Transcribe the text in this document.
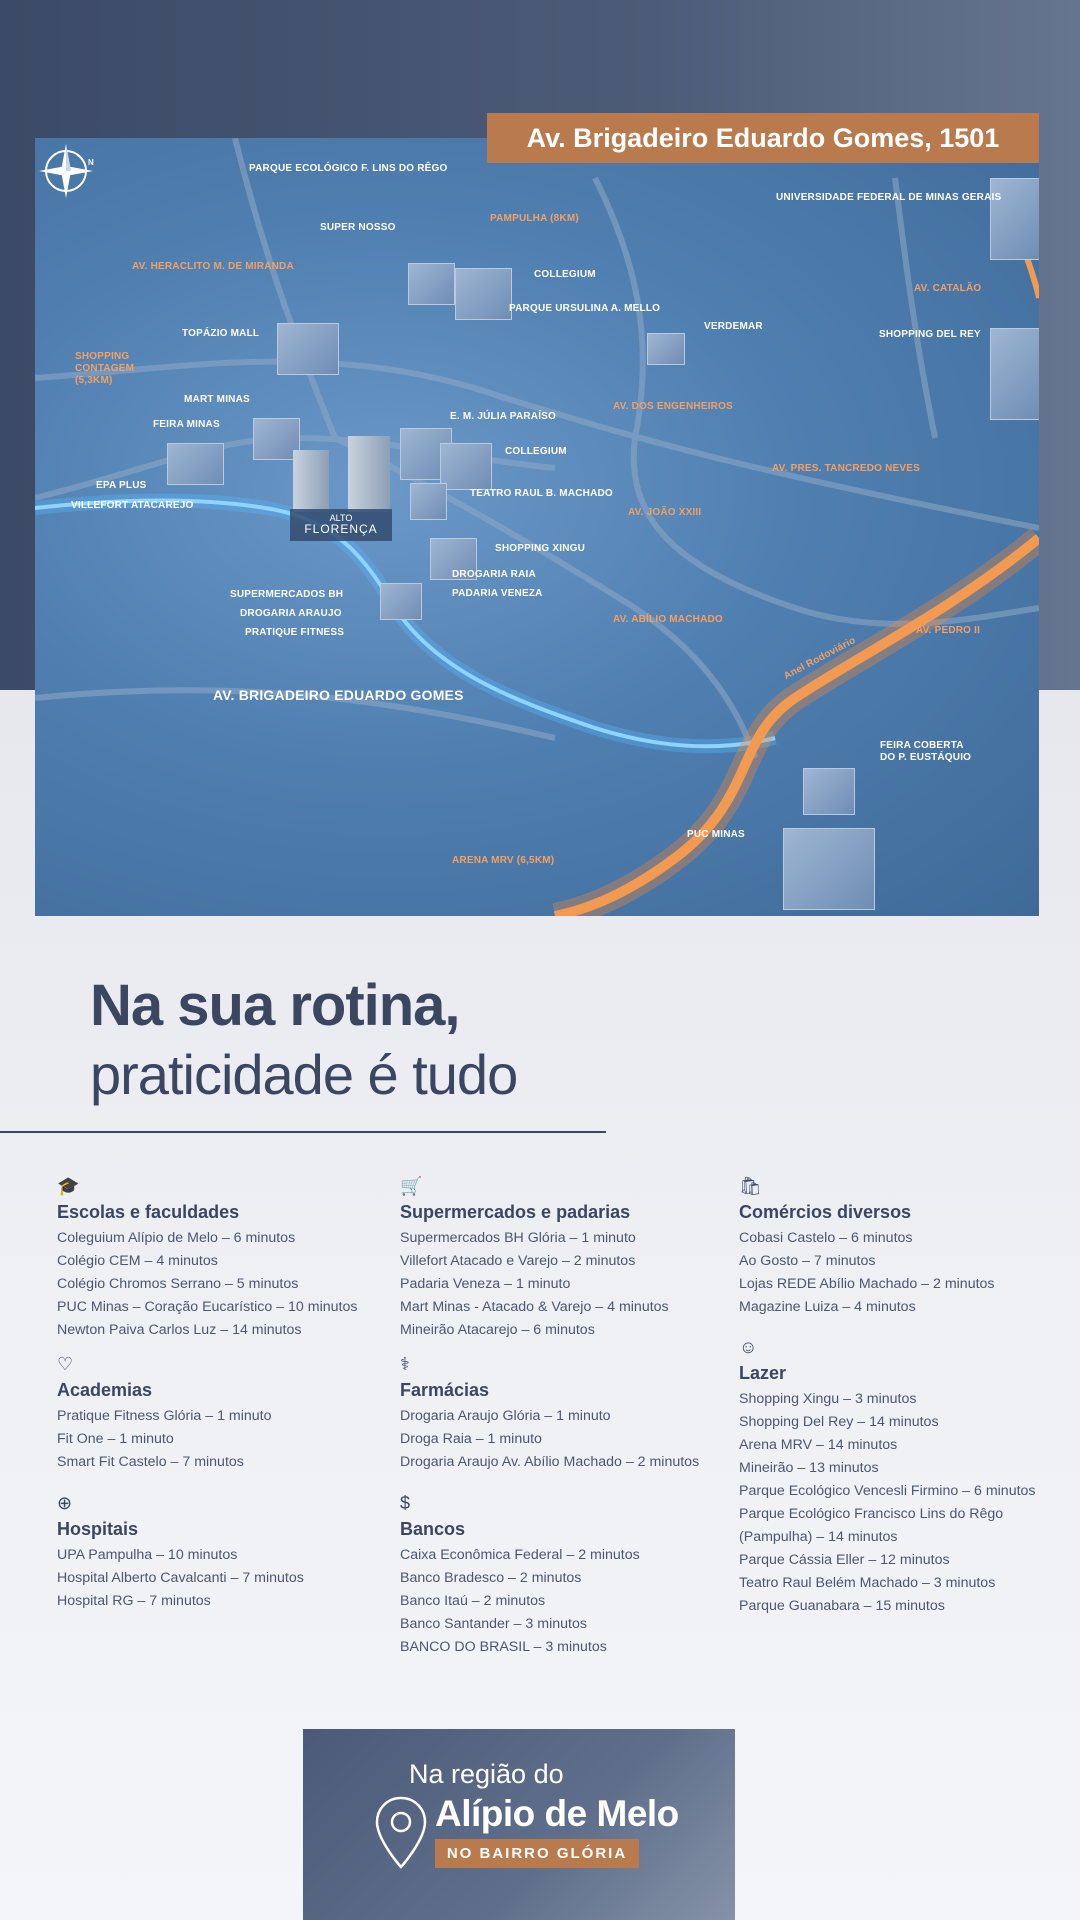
N
ALTO
FLORENÇA
PARQUE ECOLÓGICO F. LINS DO RÊGO
SUPER NOSSO
UNIVERSIDADE FEDERAL DE MINAS GERAIS
COLLEGIUM
PARQUE URSULINA A. MELLO
VERDEMAR
TOPÁZIO MALL	SHOPPING DEL REY
MART MINAS
FEIRA MINAS
E. M. JÚLIA PARAÍSO
COLLEGIUM
EPA PLUS
VILLEFORT ATACAREJO
TEATRO RAUL B. MACHADO
SHOPPING XINGU
DROGARIA RAIA
SUPERMERCADOS BH	PADARIA VENEZA
DROGARIA ARAUJO
PRATIQUE FITNESS
AV. BRIGADEIRO EDUARDO GOMES
FEIRA COBERTA
DO P. EUSTÁQUIO
PUC MINAS
PAMPULHA (8KM)
AV. HERACLITO M. DE MIRANDA
AV. CATALÃO
SHOPPING
CONTAGEM
(5,3KM)
AV. DOS ENGENHEIROS
AV. PRES. TANCREDO NEVES
AV. JOÃO XXIII
AV. ABÍLIO MACHADO
AV. PEDRO II
Anel Rodoviário
ARENA MRV (6,5KM)
Av. Brigadeiro Eduardo Gomes, 1501
Na sua rotina,
praticidade é tudo
🎓
Escolas e faculdades
Coleguium Alípio de Melo – 6 minutos
Colégio CEM – 4 minutos
Colégio Chromos Serrano – 5 minutos
PUC Minas – Coração Eucarístico – 10 minutos
Newton Paiva Carlos Luz – 14 minutos
🛒
Supermercados e padarias
Supermercados BH Glória – 1 minuto
Villefort Atacado e Varejo – 2 minutos
Padaria Veneza – 1 minuto
Mart Minas - Atacado & Varejo – 4 minutos
Mineirão Atacarejo – 6 minutos
🛍
Comércios diversos
Cobasi Castelo – 6 minutos
Ao Gosto – 7 minutos
Lojas REDE Abílio Machado – 2 minutos
Magazine Luiza – 4 minutos
♡
Academias
Pratique Fitness Glória – 1 minuto
Fit One – 1 minuto
Smart Fit Castelo – 7 minutos
⚕
Farmácias
Drogaria Araujo Glória – 1 minuto
Droga Raia – 1 minuto
Drogaria Araujo Av. Abílio Machado – 2 minutos
☺
Lazer
Shopping Xingu – 3 minutos
Shopping Del Rey – 14 minutos
Arena MRV – 14 minutos
Mineirão – 13 minutos
Parque Ecológico Vencesli Firmino – 6 minutos
Parque Ecológico Francisco Lins do Rêgo
(Pampulha) – 14 minutos
Parque Cássia Eller – 12 minutos
Teatro Raul Belém Machado – 3 minutos
Parque Guanabara – 15 minutos
⊕
Hospitais
UPA Pampulha – 10 minutos
Hospital Alberto Cavalcanti – 7 minutos
Hospital RG – 7 minutos
$
Bancos
Caixa Econômica Federal – 2 minutos
Banco Bradesco – 2 minutos
Banco Itaú – 2 minutos
Banco Santander – 3 minutos
BANCO DO BRASIL – 3 minutos
Na região do
Alípio de Melo
NO BAIRRO GLÓRIA
